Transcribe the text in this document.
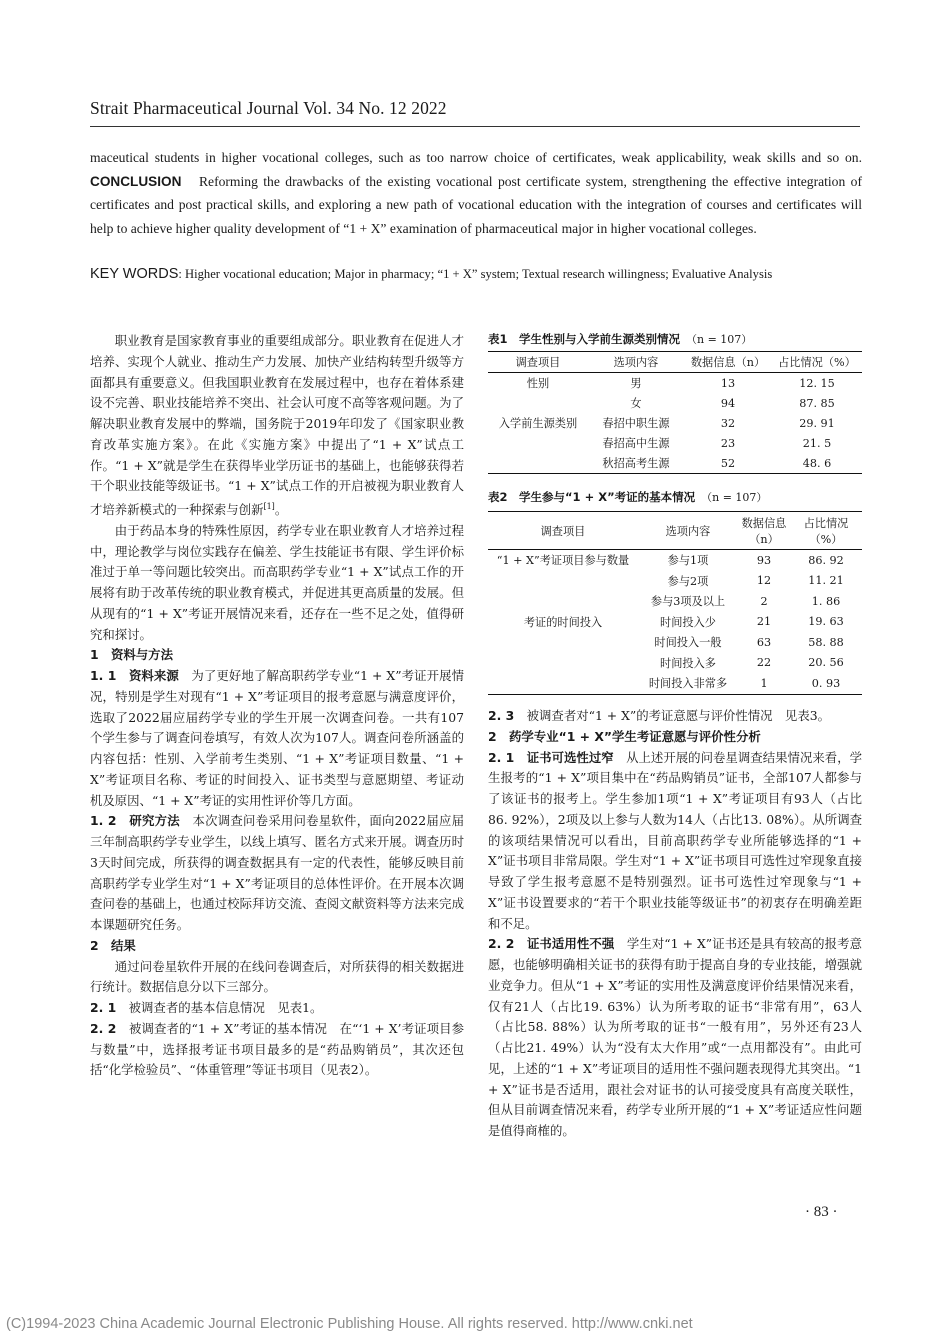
Strait Pharmaceutical Journal Vol. 34 No. 12 2022

maceutical students in higher vocational colleges, such as too narrow choice of certificates, weak applicability, weak skills and so on. CONCLUSION　Reforming the drawbacks of the existing vocational post certificate system, strengthening the effective integration of certificates and post practical skills, and exploring a new path of vocational education with the integration of courses and certificates will help to achieve higher quality development of “1 + X” examination of pharmaceutical major in higher vocational colleges.

KEY WORDS: Higher vocational education; Major in pharmacy; “1 + X” system; Textual research willingness; Evaluative Analysis

职业教育是国家教育事业的重要组成部分。职业教育在促进人才培养、实现个人就业、推动生产力发展、加快产业结构转型升级等方面都具有重要意义。但我国职业教育在发展过程中，也存在着体系建设不完善、职业技能培养不突出、社会认可度不高等客观问题。为了解决职业教育发展中的弊端，国务院于2019年印发了《国家职业教育改革实施方案》。在此《实施方案》中提出了“1 + X”试点工作。“1 + X”就是学生在获得毕业学历证书的基础上，也能够获得若干个职业技能等级证书。“1 + X”试点工作的开启被视为职业教育人才培养新模式的一种探索与创新[1]。

由于药品本身的特殊性原因，药学专业在职业教育人才培养过程中，理论教学与岗位实践存在偏差、学生技能证书有限、学生评价标准过于单一等问题比较突出。而高职药学专业“1 + X”试点工作的开展将有助于改革传统的职业教育模式，并促进其更高质量的发展。但从现有的“1 + X”考证开展情况来看，还存在一些不足之处，值得研究和探讨。

1　资料与方法

1. 1　资料来源　为了更好地了解高职药学专业“1 + X”考证开展情况，特别是学生对现有“1 + X”考证项目的报考意愿与满意度评价，选取了2022届应届药学专业的学生开展一次调查问卷。一共有107个学生参与了调查问卷填写，有效人次为107人。调查问卷所涵盖的内容包括：性别、入学前考生类别、“1 + X”考证项目数量、“1 + X”考证项目名称、考证的时间投入、证书类型与意愿期望、考证动机及原因、“1 + X”考证的实用性评价等几方面。

1. 2　研究方法　本次调查问卷采用问卷星软件，面向2022届应届三年制高职药学专业学生，以线上填写、匿名方式来开展。调查历时3天时间完成，所获得的调查数据具有一定的代表性，能够反映目前高职药学专业学生对“1 + X”考证项目的总体性评价。在开展本次调查问卷的基础上，也通过校际拜访交流、查阅文献资料等方法来完成本课题研究任务。

2　结果

通过问卷星软件开展的在线问卷调查后，对所获得的相关数据进行统计。数据信息分以下三部分。

2. 1　被调查者的基本信息情况　见表1。

2. 2　被调查者的“1 + X”考证的基本情况　在“‘1 + X’考证项目参与数量”中，选择报考证书项目最多的是“药品购销员”，其次还包括“化学检验员”、“体重管理”等证书项目（见表2）。

表1　学生性别与入学前生源类别情况　 （n = 107）

调查项目	选项内容	数据信息（n）	占比情况（%）
性别	男	13	12. 15
	女	94	87. 85
入学前生源类别	春招中职生源	32	29. 91
	春招高中生源	23	21. 5
	秋招高考生源	52	48. 6

表2　学生参与“1 + X”考证的基本情况　 （n = 107）

调查项目	选项内容	数据信息（n）	占比情况（%）
“1 + X”考证项目参与数量	参与1项	93	86. 92
	参与2项	12	11. 21
	参与3项及以上	2	1. 86
考证的时间投入	时间投入少	21	19. 63
	时间投入一般	63	58. 88
	时间投入多	22	20. 56
	时间投入非常多	1	0. 93

2. 3　被调查者对“1 + X”的考证意愿与评价性情况　见表3。

2　药学专业“1 + X”学生考证意愿与评价性分析

2. 1　证书可选性过窄　从上述开展的问卷星调查结果情况来看，学生报考的“1 + X”项目集中在“药品购销员”证书，全部107人都参与了该证书的报考上。学生参加1项“1 + X”考证项目有93人（占比86. 92%），2项及以上参与人数为14人（占比13. 08%）。从所调查的该项结果情况可以看出，目前高职药学专业所能够选择的“1 + X”证书项目非常局限。学生对“1 + X”证书项目可选性过窄现象直接导致了学生报考意愿不是特别强烈。证书可选性过窄现象与“1 + X”证书设置要求的“若干个职业技能等级证书”的初衷存在明确差距和不足。

2. 2　证书适用性不强　学生对“1 + X”证书还是具有较高的报考意愿，也能够明确相关证书的获得有助于提高自身的专业技能，增强就业竞争力。但从“1 + X”考证的实用性及满意度评价结果情况来看，仅有21人（占比19. 63%）认为所考取的证书“非常有用”，63人（占比58. 88%）认为所考取的证书“一般有用”，另外还有23人（占比21. 49%）认为“没有太大作用”或“一点用都没有”。由此可见，上述的“1 + X”考证项目的适用性不强问题表现得尤其突出。“1 + X”证书是否适用，跟社会对证书的认可接受度具有高度关联性，但从目前调查情况来看，药学专业所开展的“1 + X”考证适应性问题是值得商榷的。

· 83 ·
(C)1994-2023 China Academic Journal Electronic Publishing House. All rights reserved. http://www.cnki.net
